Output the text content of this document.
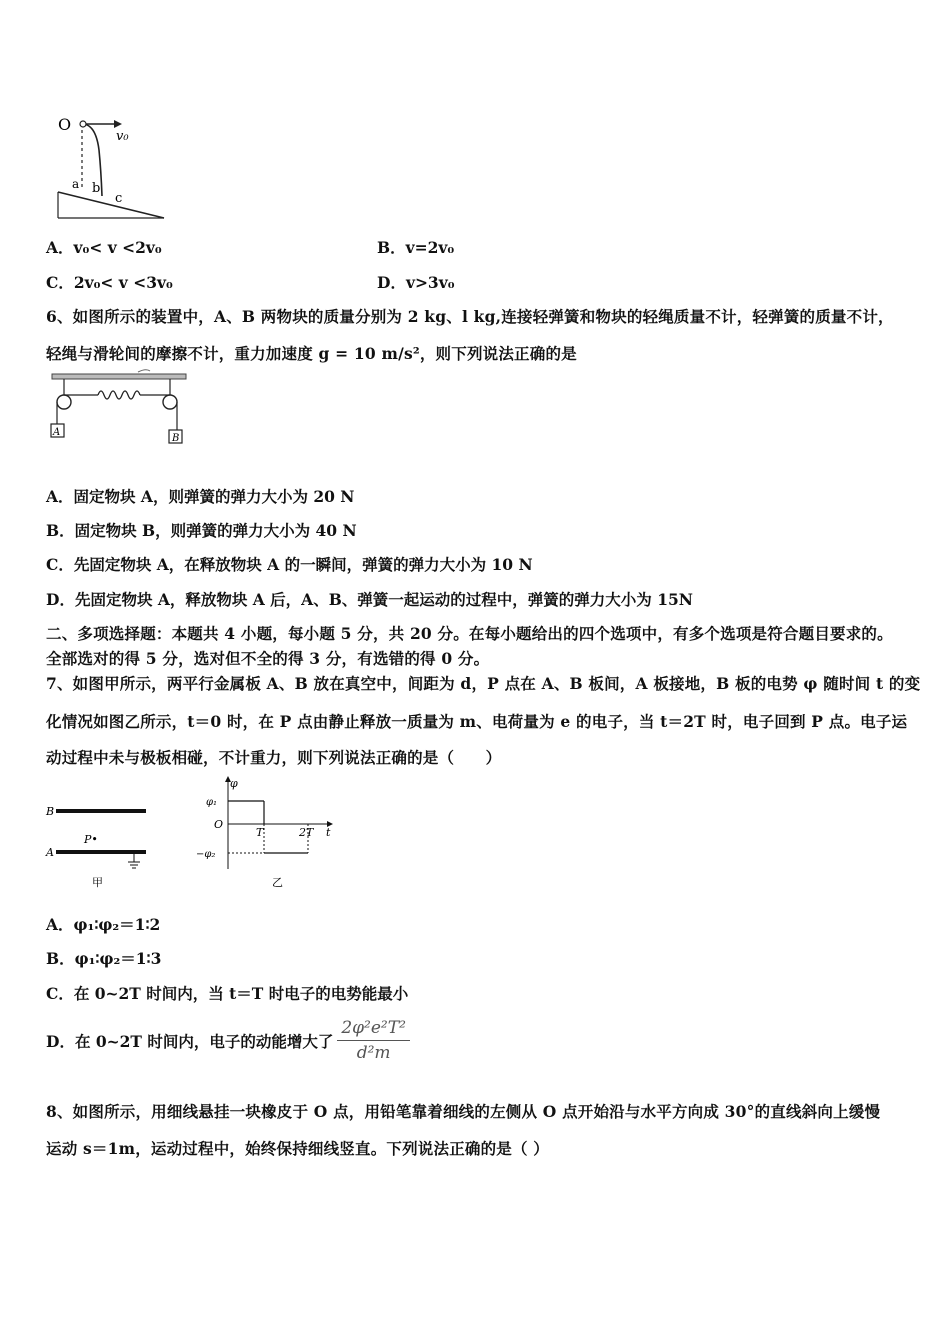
O
v₀
a b
c
A．v₀< v <2v₀	B．v=2v₀
C．2v₀< v <3v₀	D．v>3v₀
6、如图所示的装置中，A、B 两物块的质量分别为 2 kg、l kg,连接轻弹簧和物块的轻绳质量不计，轻弹簧的质量不计，
轻绳与滑轮间的摩擦不计，重力加速度 g = 10 m/s²，则下列说法正确的是
A
B
A．固定物块 A，则弹簧的弹力大小为 20 N
B．固定物块 B，则弹簧的弹力大小为 40 N
C．先固定物块 A，在释放物块 A 的一瞬间，弹簧的弹力大小为 10 N
D．先固定物块 A，释放物块 A 后，A、B、弹簧一起运动的过程中，弹簧的弹力大小为 15N
二、多项选择题：本题共 4 小题，每小题 5 分，共 20 分。在每小题给出的四个选项中，有多个选项是符合题目要求的。
全部选对的得 5 分，选对但不全的得 3 分，有选错的得 0 分。
7、如图甲所示，两平行金属板 A、B 放在真空中，间距为 d，P 点在 A、B 板间，A 板接地，B 板的电势 φ 随时间 t 的变
化情况如图乙所示，t＝0 时，在 P 点由静止释放一质量为 m、电荷量为 e 的电子，当 t＝2T 时，电子回到 P 点。电子运
动过程中未与极板相碰，不计重力，则下列说法正确的是（　　）
B
A
P•
甲
φ
φ₁
O
T	2T t
−φ₂
乙
A．φ₁∶φ₂＝1∶2
B．φ₁∶φ₂＝1∶3
C．在 0~2T 时间内，当 t＝T 时电子的电势能最小
D．在 0~2T 时间内，电子的动能增大了 $\frac{\text{2φ²e²T²}}{\text{d²m}}$
8、如图所示，用细线悬挂一块橡皮于 O 点，用铅笔靠着细线的左侧从 O 点开始沿与水平方向成 30°的直线斜向上缓慢
运动 s＝1m，运动过程中，始终保持细线竖直。下列说法正确的是（ ）
